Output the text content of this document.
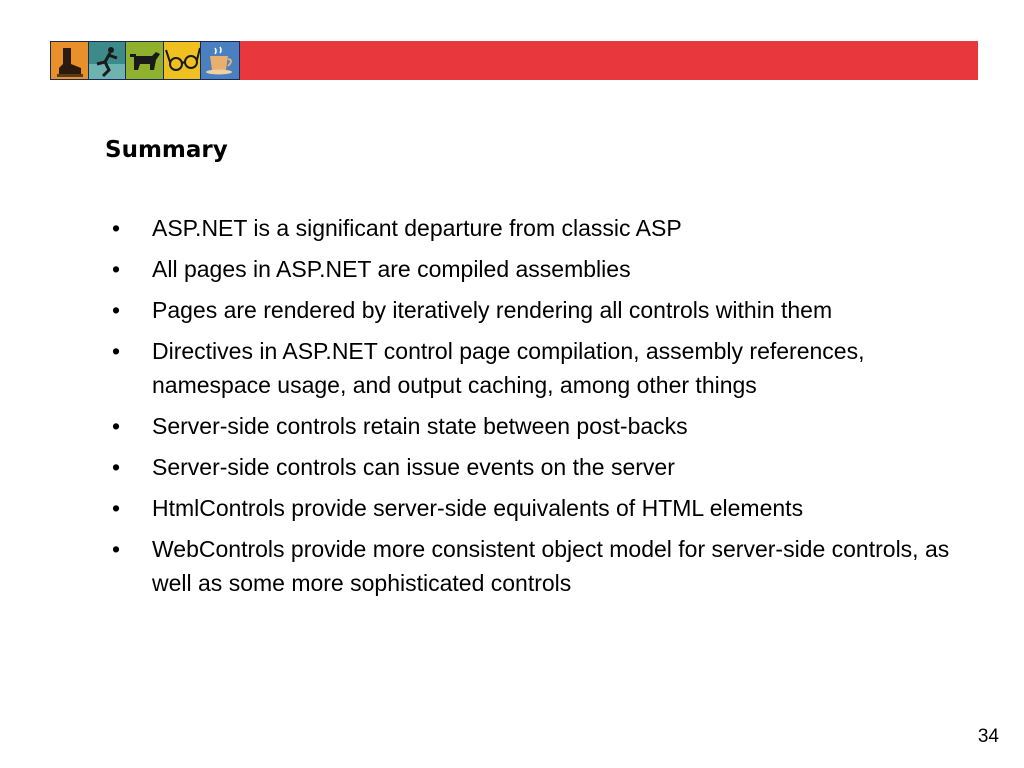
Summary
• ASP.NET is a significant departure from classic ASP
• All pages in ASP.NET are compiled assemblies
• Pages are rendered by iteratively rendering all controls within them
• Directives in ASP.NET control page compilation, assembly references, namespace usage, and output caching, among other things
• Server-side controls retain state between post-backs
• Server-side controls can issue events on the server
• HtmlControls provide server-side equivalents of HTML elements
• WebControls provide more consistent object model for server-side controls, as well as some more sophisticated controls
34
